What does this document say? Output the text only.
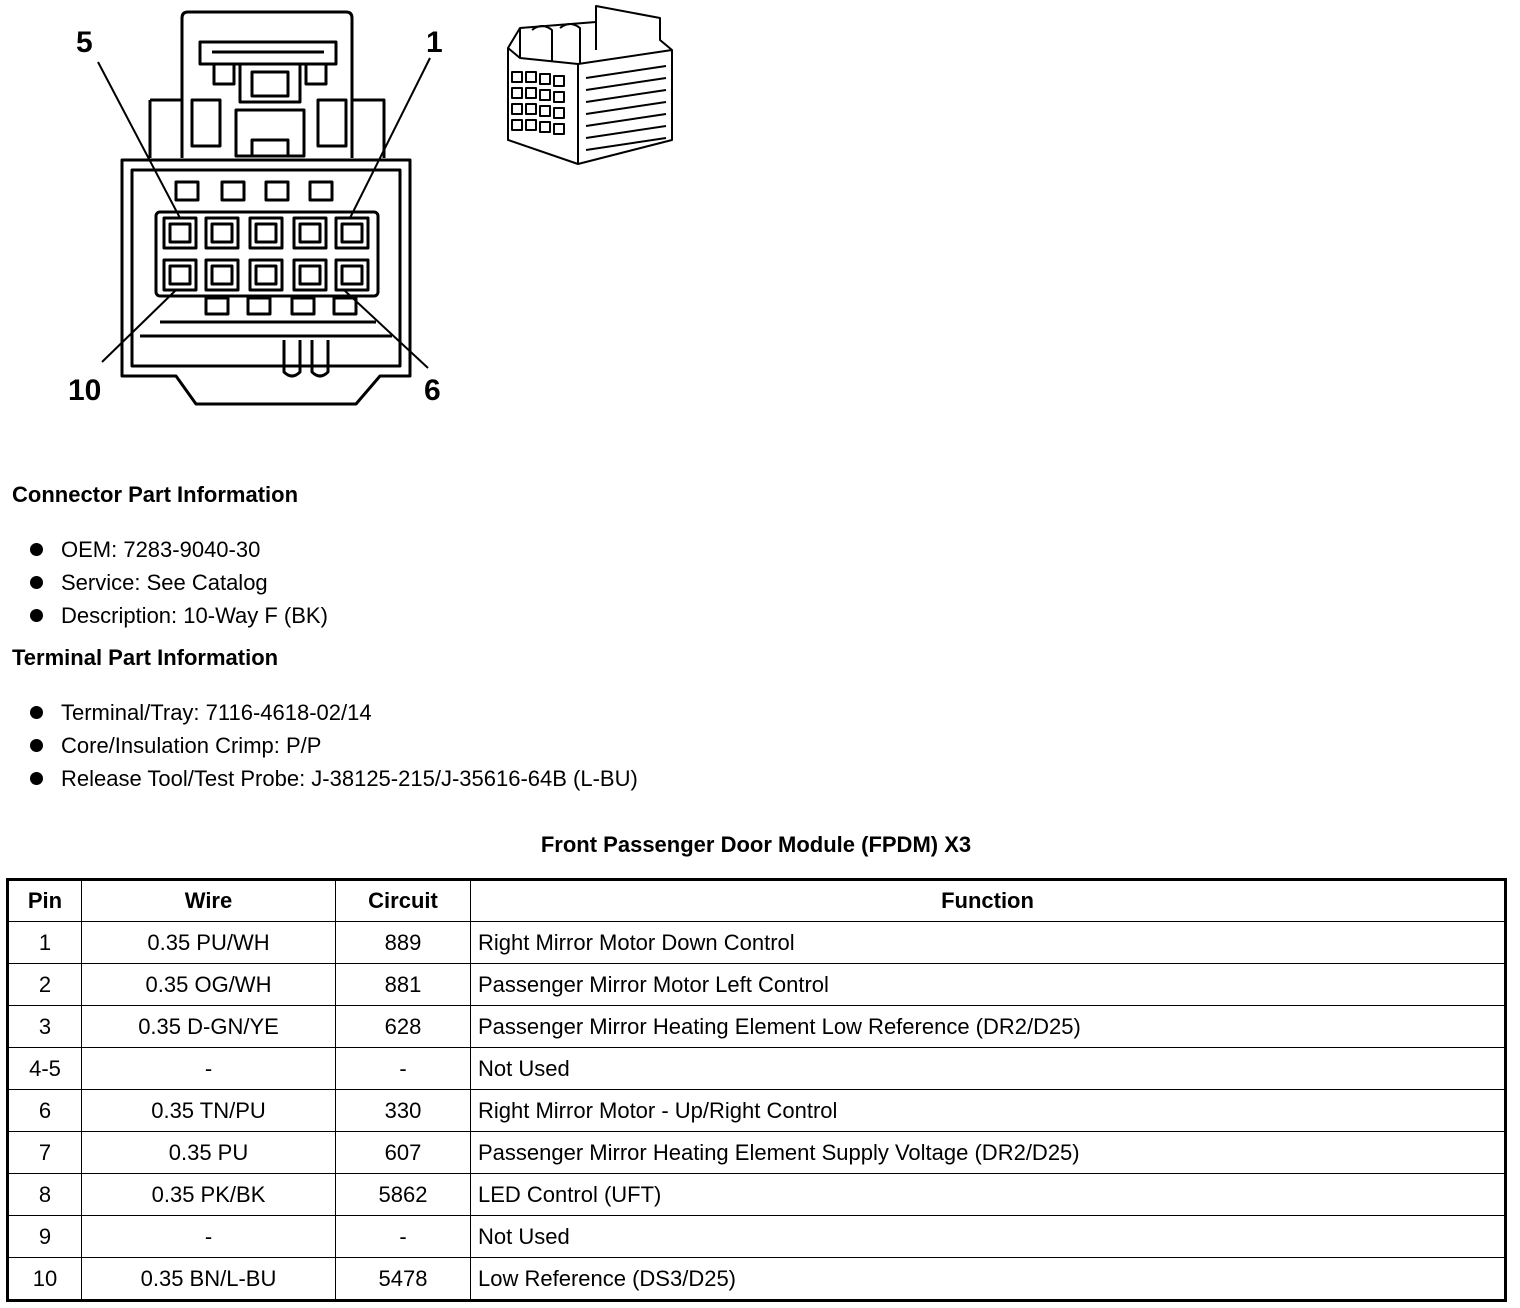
5	1
10	6
Connector Part Information
OEM: 7283-9040-30
Service: See Catalog
Description: 10-Way F (BK)
Terminal Part Information
Terminal/Tray: 7116-4618-02/14
Core/Insulation Crimp: P/P
Release Tool/Test Probe: J-38125-215/J-35616-64B (L-BU)
Front Passenger Door Module (FPDM) X3
Pin	Wire	Circuit	Function
1	0.35 PU/WH	889	Right Mirror Motor Down Control
2	0.35 OG/WH	881	Passenger Mirror Motor Left Control
3	0.35 D-GN/YE	628	Passenger Mirror Heating Element Low Reference (DR2/D25)
4-5	-	-	Not Used
6	0.35 TN/PU	330	Right Mirror Motor - Up/Right Control
7	0.35 PU	607	Passenger Mirror Heating Element Supply Voltage (DR2/D25)
8	0.35 PK/BK	5862	LED Control (UFT)
9	-	-	Not Used
10	0.35 BN/L-BU	5478	Low Reference (DS3/D25)
